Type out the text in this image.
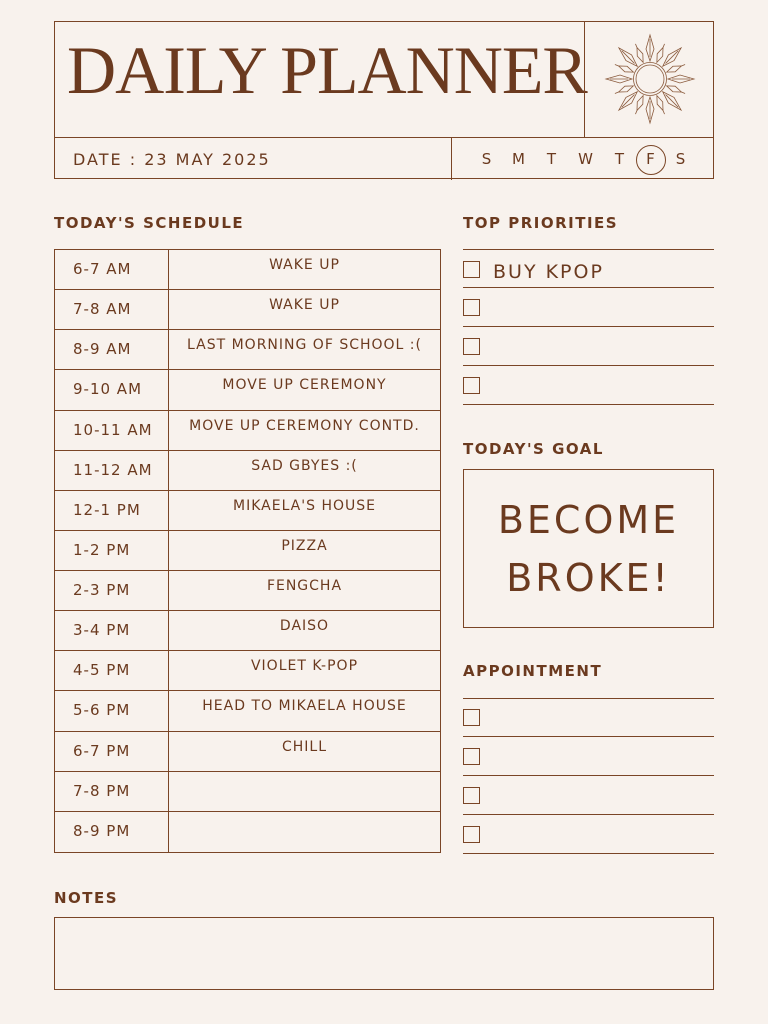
DAILY PLANNER
DATE : 23 MAY 2025	S	M	T	W	T	F	S
TODAY'S SCHEDULE
6-7 AM	WAKE UP
7-8 AM	WAKE UP
8-9 AM	LAST MORNING OF SCHOOL :(
9-10 AM	MOVE UP CEREMONY
10-11 AM	MOVE UP CEREMONY CONTD.
11-12 AM	SAD GBYES :(
12-1 PM	MIKAELA'S HOUSE
1-2 PM	PIZZA
2-3 PM	FENGCHA
3-4 PM	DAISO
4-5 PM	VIOLET K-POP
5-6 PM	HEAD TO MIKAELA HOUSE
6-7 PM	CHILL
7-8 PM
8-9 PM
TOP PRIORITIES
BUY KPOP
TODAY'S GOAL
BECOME BROKE!
APPOINTMENT
NOTES
